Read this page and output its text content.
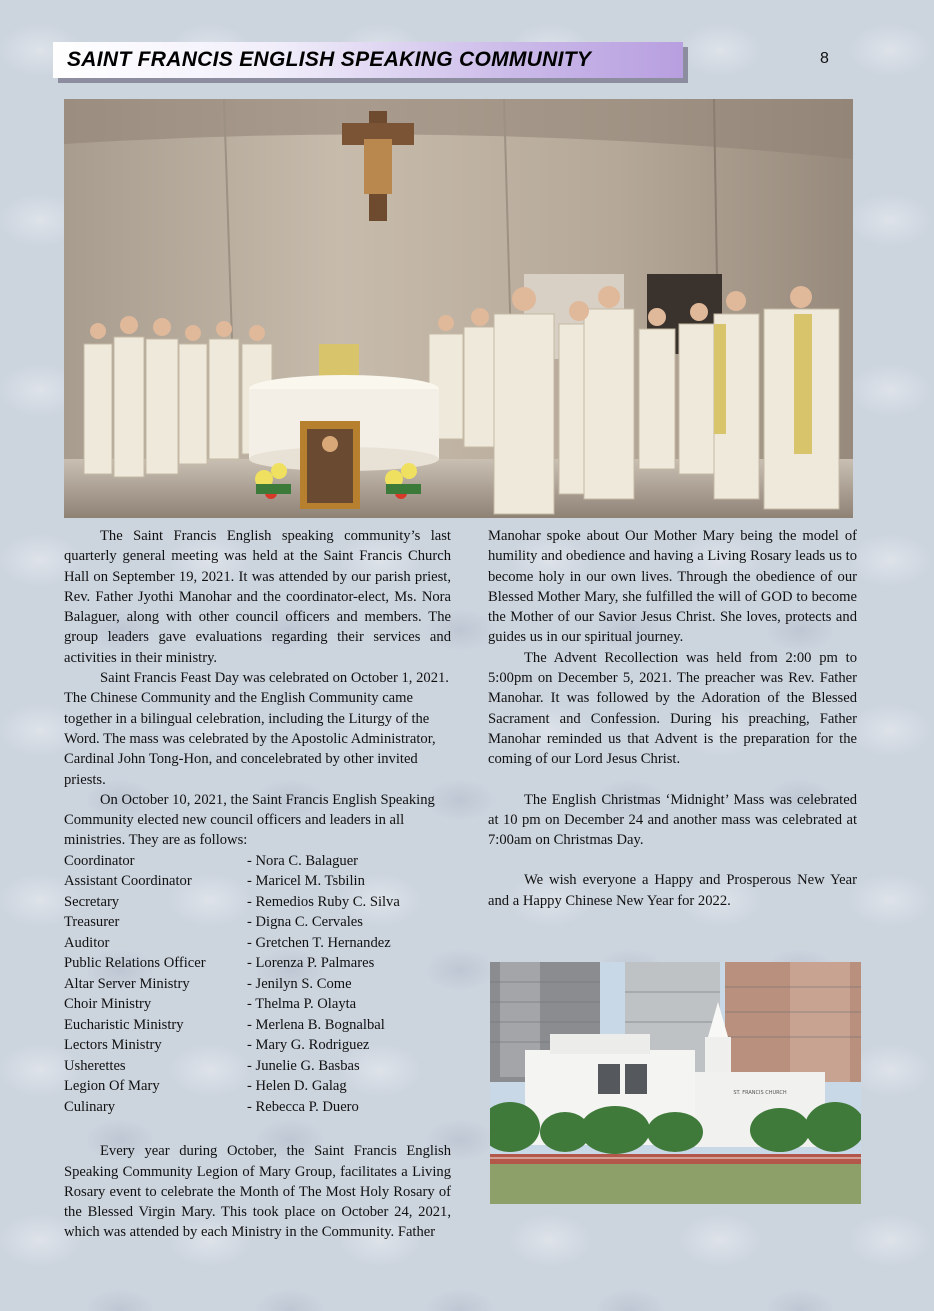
SAINT FRANCIS ENGLISH SPEAKING COMMUNITY	8

The Saint Francis English speaking community’s last quarterly general meeting was held at the Saint Francis Church Hall on September 19, 2021. It was attended by our parish priest, Rev. Father Jyothi Manohar and the coordinator-elect, Ms. Nora Balaguer, along with other council officers and members. The group leaders gave evaluations regarding their services and activities in their ministry.

Saint Francis Feast Day was celebrated on October 1, 2021. The Chinese Community and the English Community came together in a bilingual celebration, including the Liturgy of the Word. The mass was celebrated by the Apostolic Administrator, Cardinal John Tong-Hon, and concelebrated by other invited priests.

On October 10, 2021, the Saint Francis English Speaking Community elected new council officers and leaders in all ministries. They are as follows:

Coordinator	- Nora C. Balaguer
Assistant Coordinator	- Maricel M. Tsbilin
Secretary	- Remedios Ruby C. Silva
Treasurer	- Digna C. Cervales
Auditor	- Gretchen T. Hernandez
Public Relations Officer	- Lorenza P. Palmares
Altar Server Ministry	- Jenilyn S. Come
Choir Ministry	- Thelma P. Olayta
Eucharistic Ministry	- Merlena B. Bognalbal
Lectors Ministry	- Mary G. Rodriguez
Usherettes	- Junelie G. Basbas
Legion Of Mary	- Helen D. Galag
Culinary	- Rebecca P. Duero

Every year during October, the Saint Francis English Speaking Community Legion of Mary Group, facilitates a Living Rosary event to celebrate the Month of The Most Holy Rosary of the Blessed Virgin Mary. This took place on October 24, 2021, which was attended by each Ministry in the Community. Father

Manohar spoke about Our Mother Mary being the model of humility and obedience and having a Living Rosary leads us to become holy in our own lives. Through the obedience of our Blessed Mother Mary, she fulfilled the will of GOD to become the Mother of our Savior Jesus Christ. She loves, protects and guides us in our spiritual journey.

The Advent Recollection was held from 2:00 pm to 5:00pm on December 5, 2021. The preacher was Rev. Father Manohar. It was followed by the Adoration of the Blessed Sacrament and Confession. During his preaching, Father Manohar reminded us that Advent is the preparation for the coming of our Lord Jesus Christ.

The English Christmas ‘Midnight’ Mass was celebrated at 10 pm on December 24 and another mass was celebrated at 7:00am on Christmas Day.

We wish everyone a Happy and Prosperous New Year and a Happy Chinese New Year for 2022.

ST. FRANCIS CHURCH
